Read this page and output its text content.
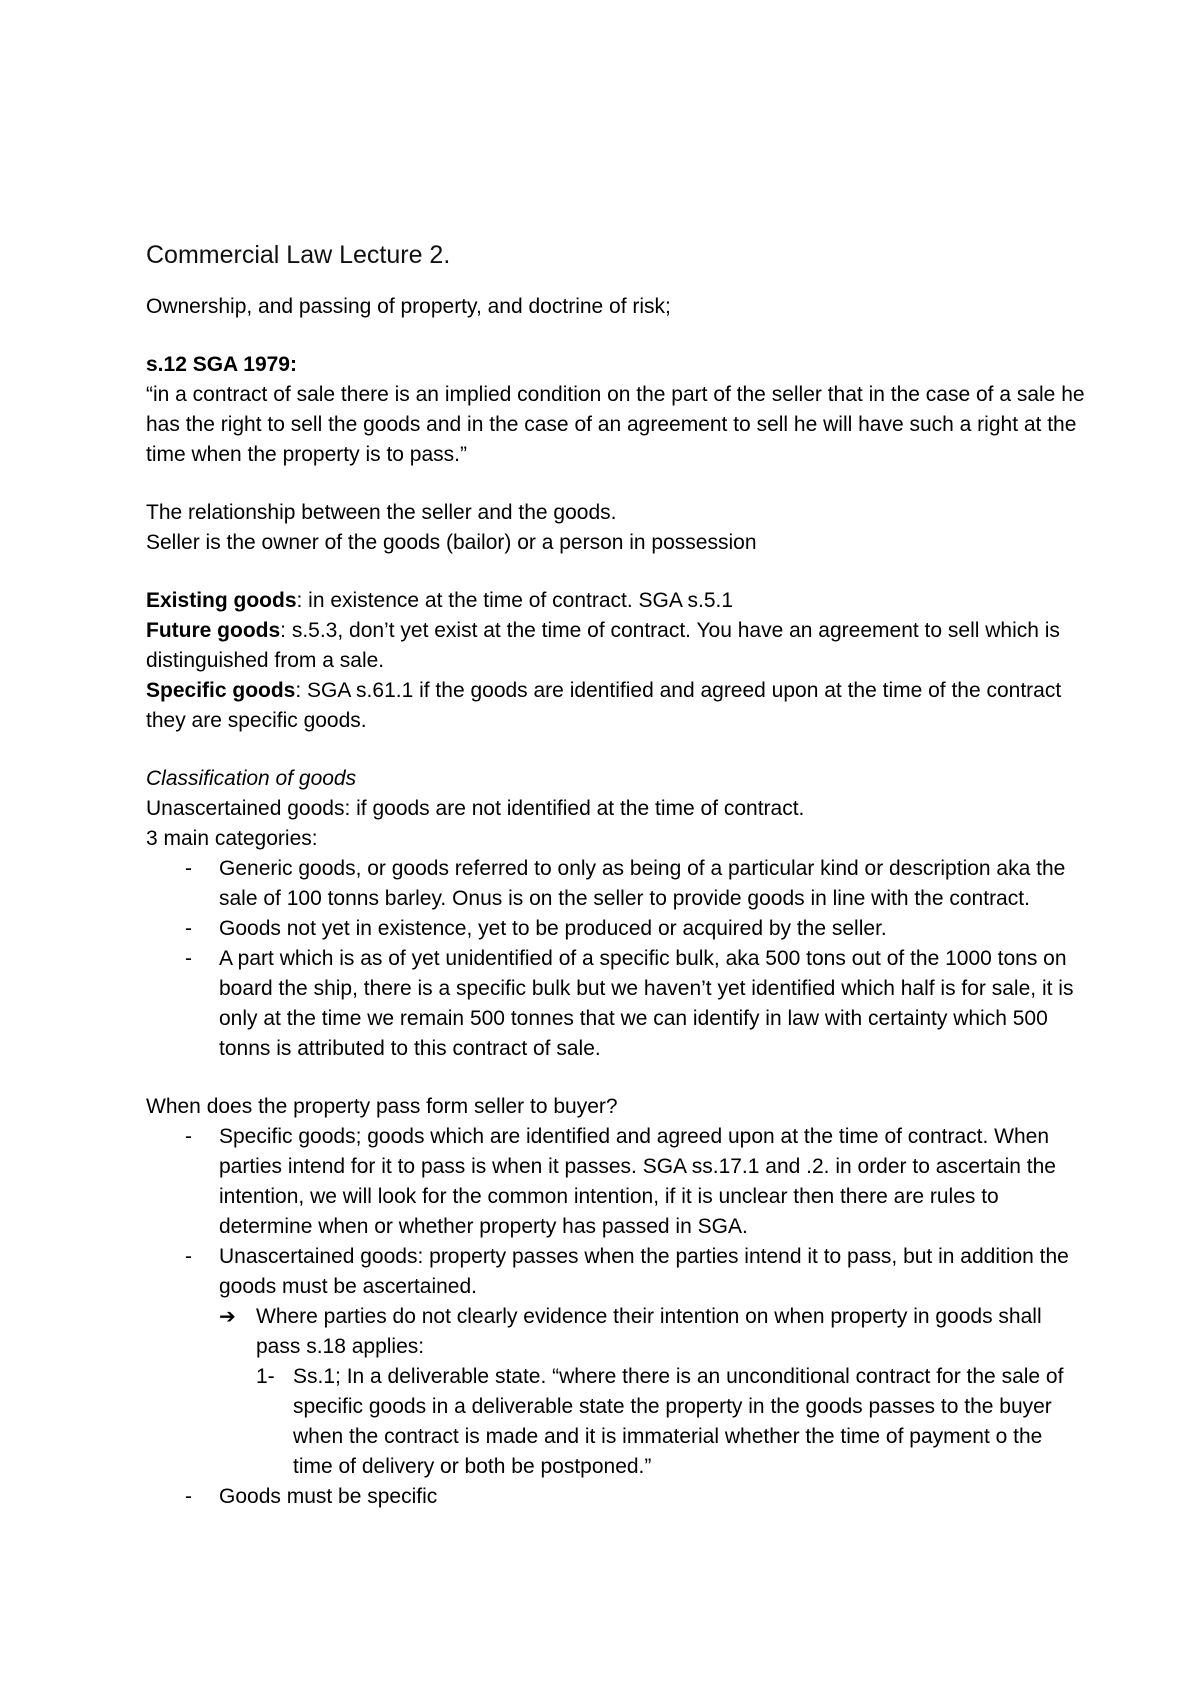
Commercial Law Lecture 2.

Ownership, and passing of property, and doctrine of risk;

s.12 SGA 1979:

“in a contract of sale there is an implied condition on the part of the seller that in the case of a sale he has the right to sell the goods and in the case of an agreement to sell he will have such a right at the time when the property is to pass.”

The relationship between the seller and the goods.

Seller is the owner of the goods (bailor) or a person in possession

Existing goods: in existence at the time of contract. SGA s.5.1

Future goods: s.5.3, don’t yet exist at the time of contract. You have an agreement to sell which is distinguished from a sale.

Specific goods: SGA s.61.1 if the goods are identified and agreed upon at the time of the contract they are specific goods.

Classification of goods

Unascertained goods: if goods are not identified at the time of contract.

3 main categories:

- Generic goods, or goods referred to only as being of a particular kind or description aka the sale of 100 tonns barley. Onus is on the seller to provide goods in line with the contract.
- Goods not yet in existence, yet to be produced or acquired by the seller.
- A part which is as of yet unidentified of a specific bulk, aka 500 tons out of the 1000 tons on board the ship, there is a specific bulk but we haven’t yet identified which half is for sale, it is only at the time we remain 500 tonnes that we can identify in law with certainty which 500 tonns is attributed to this contract of sale.

When does the property pass form seller to buyer?

- Specific goods; goods which are identified and agreed upon at the time of contract. When parties intend for it to pass is when it passes. SGA ss.17.1 and .2. in order to ascertain the intention, we will look for the common intention, if it is unclear then there are rules to determine when or whether property has passed in SGA.
- Unascertained goods: property passes when the parties intend it to pass, but in addition the goods must be ascertained.
➔ Where parties do not clearly evidence their intention on when property in goods shall pass s.18 applies:
1- Ss.1; In a deliverable state. “where there is an unconditional contract for the sale of specific goods in a deliverable state the property in the goods passes to the buyer when the contract is made and it is immaterial whether the time of payment o the time of delivery or both be postponed.”
- Goods must be specific
